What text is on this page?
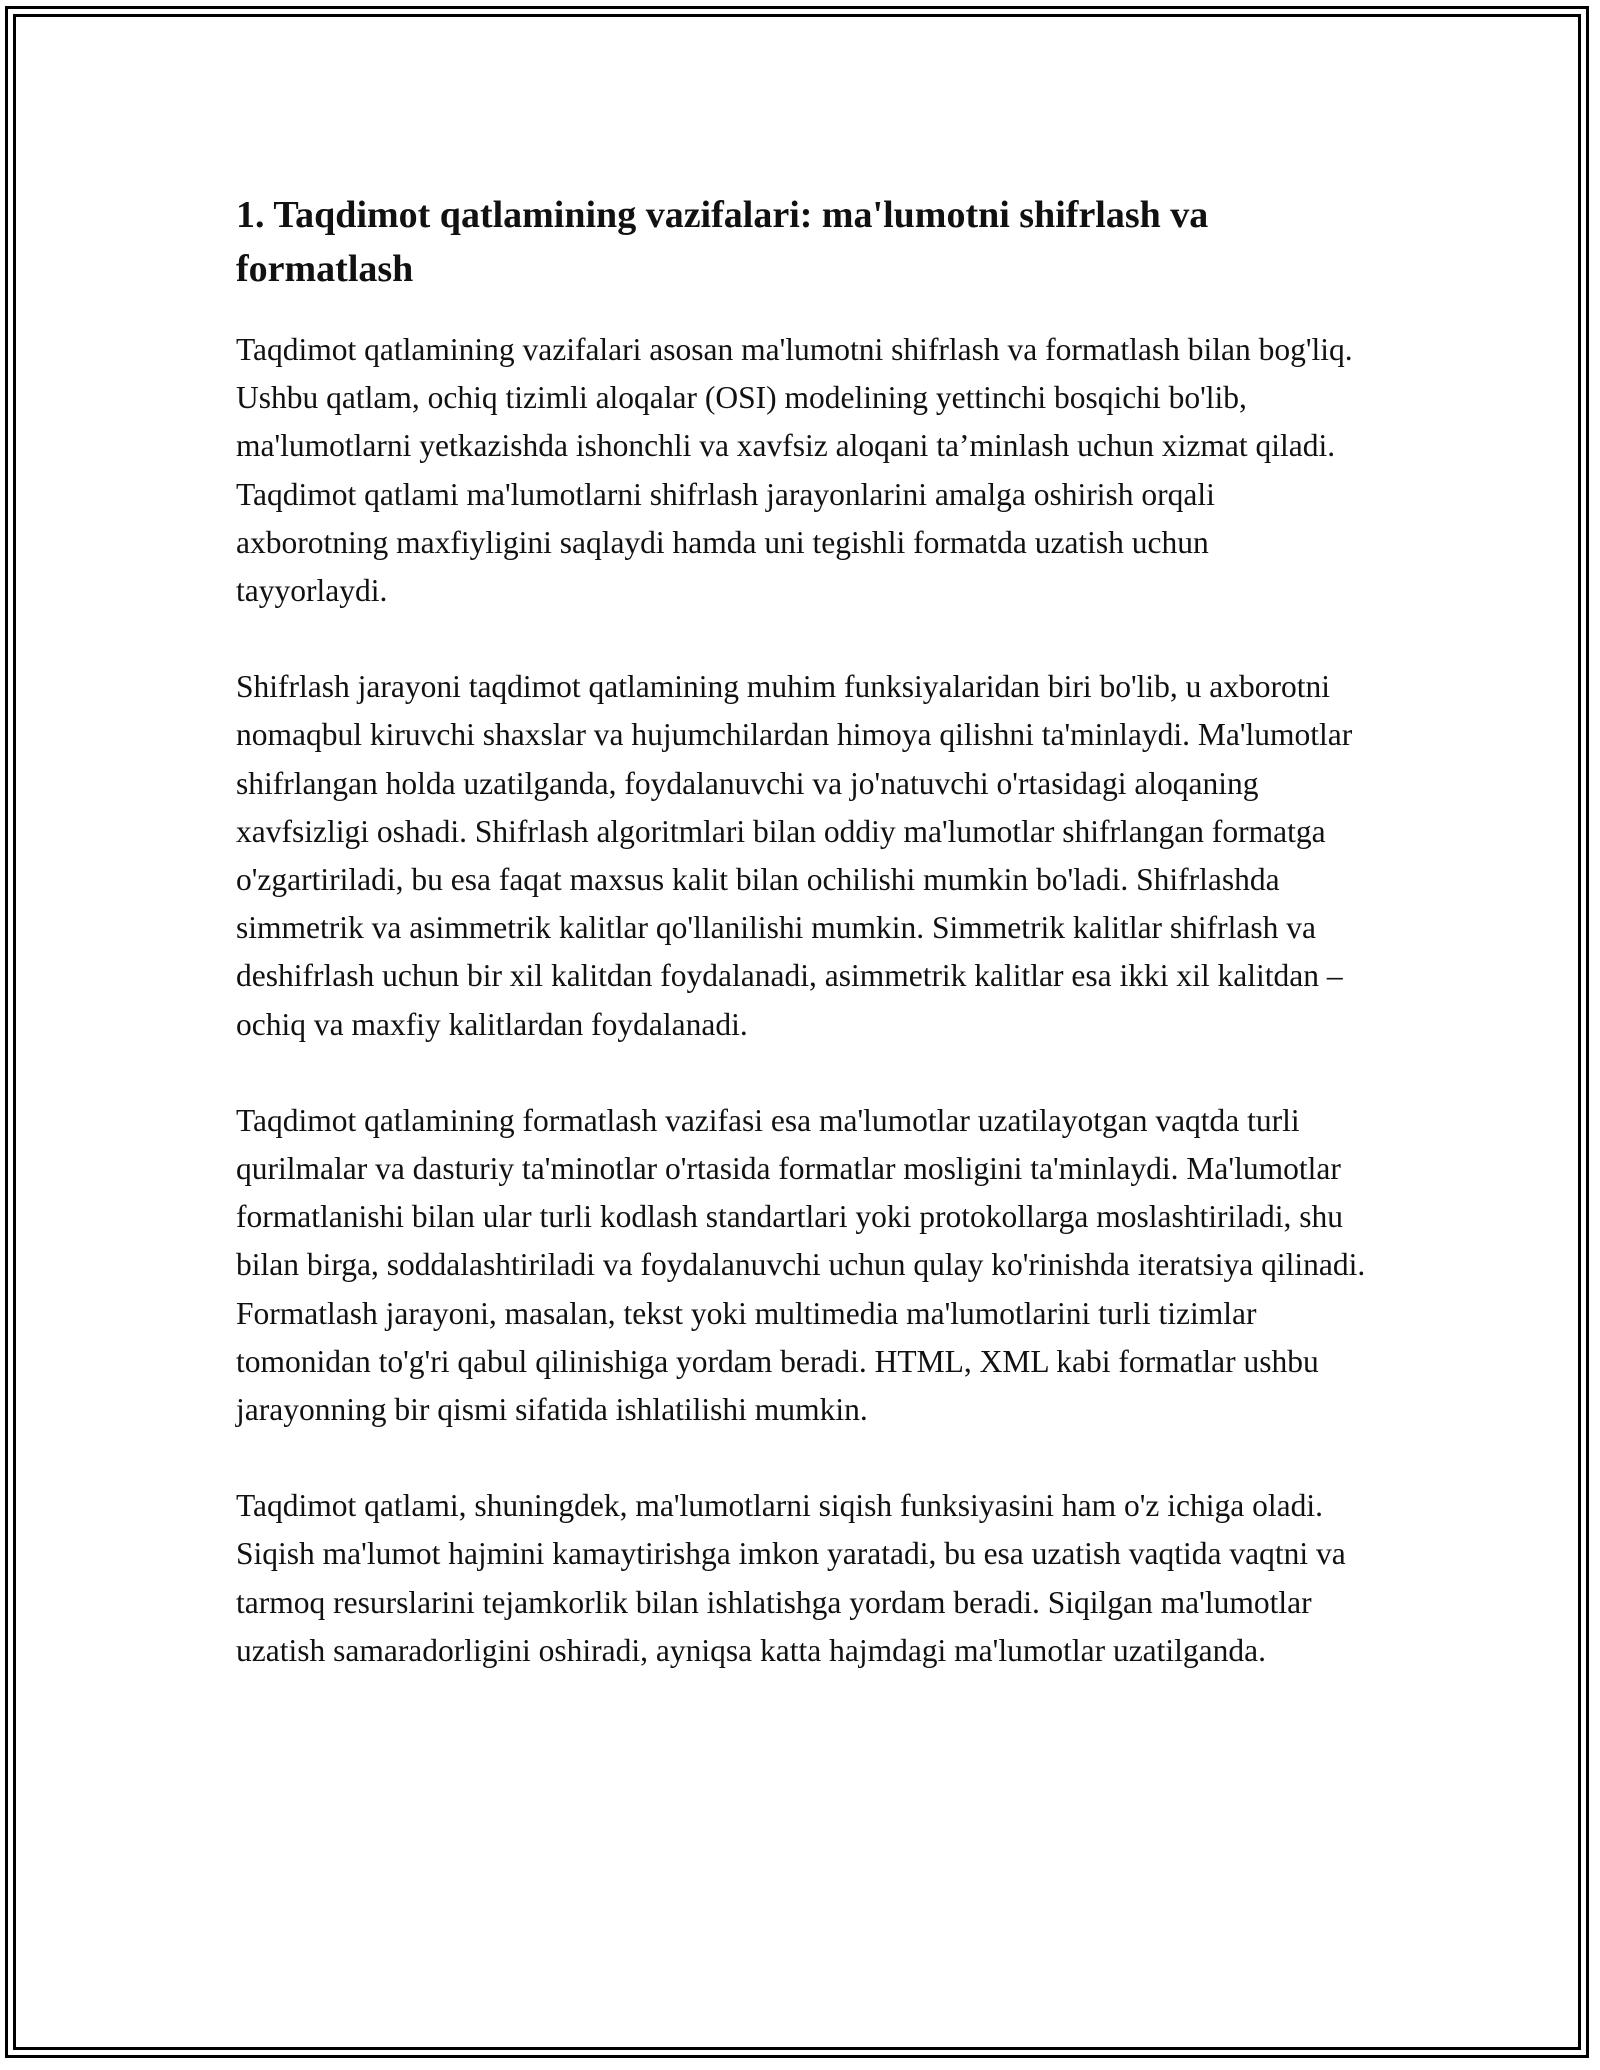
1. Taqdimot qatlamining vazifalari: ma'lumotni shifrlash va formatlash

Taqdimot qatlamining vazifalari asosan ma'lumotni shifrlash va formatlash bilan bog'liq. Ushbu qatlam, ochiq tizimli aloqalar (OSI) modelining yettinchi bosqichi bo'lib, ma'lumotlarni yetkazishda ishonchli va xavfsiz aloqani ta’minlash uchun xizmat qiladi. Taqdimot qatlami ma'lumotlarni shifrlash jarayonlarini amalga oshirish orqali axborotning maxfiyligini saqlaydi hamda uni tegishli formatda uzatish uchun tayyorlaydi.

Shifrlash jarayoni taqdimot qatlamining muhim funksiyalaridan biri bo'lib, u axborotni nomaqbul kiruvchi shaxslar va hujumchilardan himoya qilishni ta'minlaydi. Ma'lumotlar shifrlangan holda uzatilganda, foydalanuvchi va jo'natuvchi o'rtasidagi aloqaning xavfsizligi oshadi. Shifrlash algoritmlari bilan oddiy ma'lumotlar shifrlangan formatga o'zgartiriladi, bu esa faqat maxsus kalit bilan ochilishi mumkin bo'ladi. Shifrlashda simmetrik va asimmetrik kalitlar qo'llanilishi mumkin. Simmetrik kalitlar shifrlash va deshifrlash uchun bir xil kalitdan foydalanadi, asimmetrik kalitlar esa ikki xil kalitdan – ochiq va maxfiy kalitlardan foydalanadi.

Taqdimot qatlamining formatlash vazifasi esa ma'lumotlar uzatilayotgan vaqtda turli qurilmalar va dasturiy ta'minotlar o'rtasida formatlar mosligini ta'minlaydi. Ma'lumotlar formatlanishi bilan ular turli kodlash standartlari yoki protokollarga moslashtiriladi, shu bilan birga, soddalashtiriladi va foydalanuvchi uchun qulay ko'rinishda iteratsiya qilinadi. Formatlash jarayoni, masalan, tekst yoki multimedia ma'lumotlarini turli tizimlar tomonidan to'g'ri qabul qilinishiga yordam beradi. HTML, XML kabi formatlar ushbu jarayonning bir qismi sifatida ishlatilishi mumkin.

Taqdimot qatlami, shuningdek, ma'lumotlarni siqish funksiyasini ham o'z ichiga oladi. Siqish ma'lumot hajmini kamaytirishga imkon yaratadi, bu esa uzatish vaqtida vaqtni va tarmoq resurslarini tejamkorlik bilan ishlatishga yordam beradi. Siqilgan ma'lumotlar uzatish samaradorligini oshiradi, ayniqsa katta hajmdagi ma'lumotlar uzatilganda.
